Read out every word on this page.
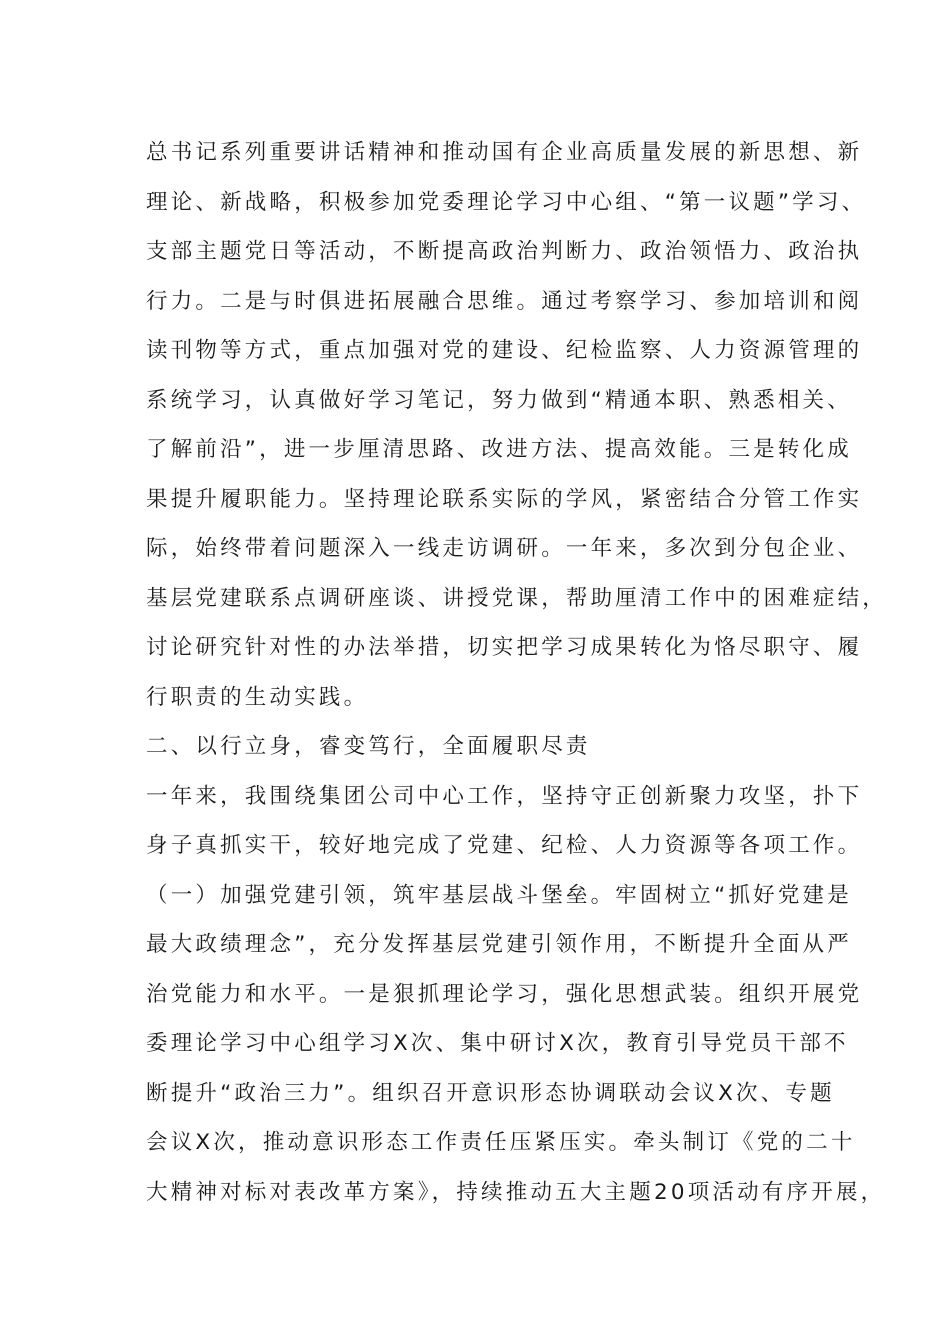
总书记系列重要讲话精神和推动国有企业高质量发展的新思想、新
理论、新战略，积极参加党委理论学习中心组、“第一议题”学习、
支部主题党日等活动，不断提高政治判断力、政治领悟力、政治执
行力。二是与时俱进拓展融合思维。通过考察学习、参加培训和阅
读刊物等方式，重点加强对党的建设、纪检监察、人力资源管理的
系统学习，认真做好学习笔记，努力做到“精通本职、熟悉相关、
了解前沿”，进一步厘清思路、改进方法、提高效能。三是转化成
果提升履职能力。坚持理论联系实际的学风，紧密结合分管工作实
际，始终带着问题深入一线走访调研。一年来，多次到分包企业、
基层党建联系点调研座谈、讲授党课，帮助厘清工作中的困难症结，
讨论研究针对性的办法举措，切实把学习成果转化为恪尽职守、履
行职责的生动实践。
二、以行立身，睿变笃行，全面履职尽责
一年来，我围绕集团公司中心工作，坚持守正创新聚力攻坚，扑下
身子真抓实干，较好地完成了党建、纪检、人力资源等各项工作。
（一）加强党建引领，筑牢基层战斗堡垒。牢固树立“抓好党建是
最大政绩理念”，充分发挥基层党建引领作用，不断提升全面从严
治党能力和水平。一是狠抓理论学习，强化思想武装。组织开展党
委理论学习中心组学习X次、集中研讨X次，教育引导党员干部不
断提升“政治三力”。组织召开意识形态协调联动会议X次、专题
会议X次，推动意识形态工作责任压紧压实。牵头制订《党的二十
大精神对标对表改革方案》，持续推动五大主题20项活动有序开展，
